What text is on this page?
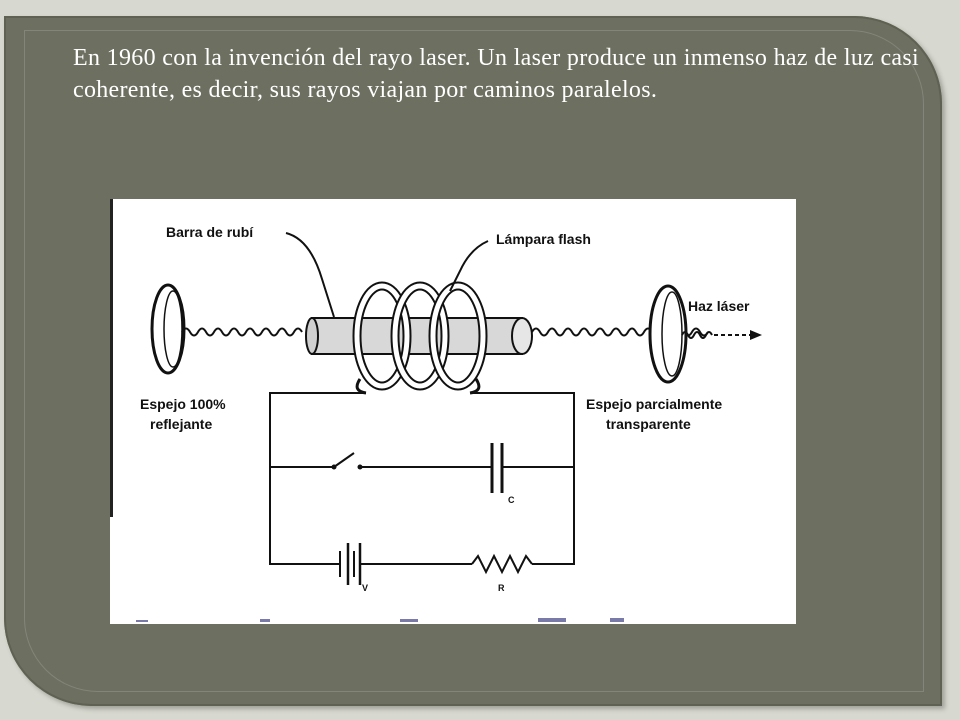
En 1960 con la invención del rayo laser. Un laser produce un inmenso haz de luz casi coherente, es decir, sus rayos viajan por caminos paralelos.
Barra de rubí	Lámpara flash
Haz láser
Espejo 100%
reflejante
Espejo parcialmente
transparente
C
V	R
